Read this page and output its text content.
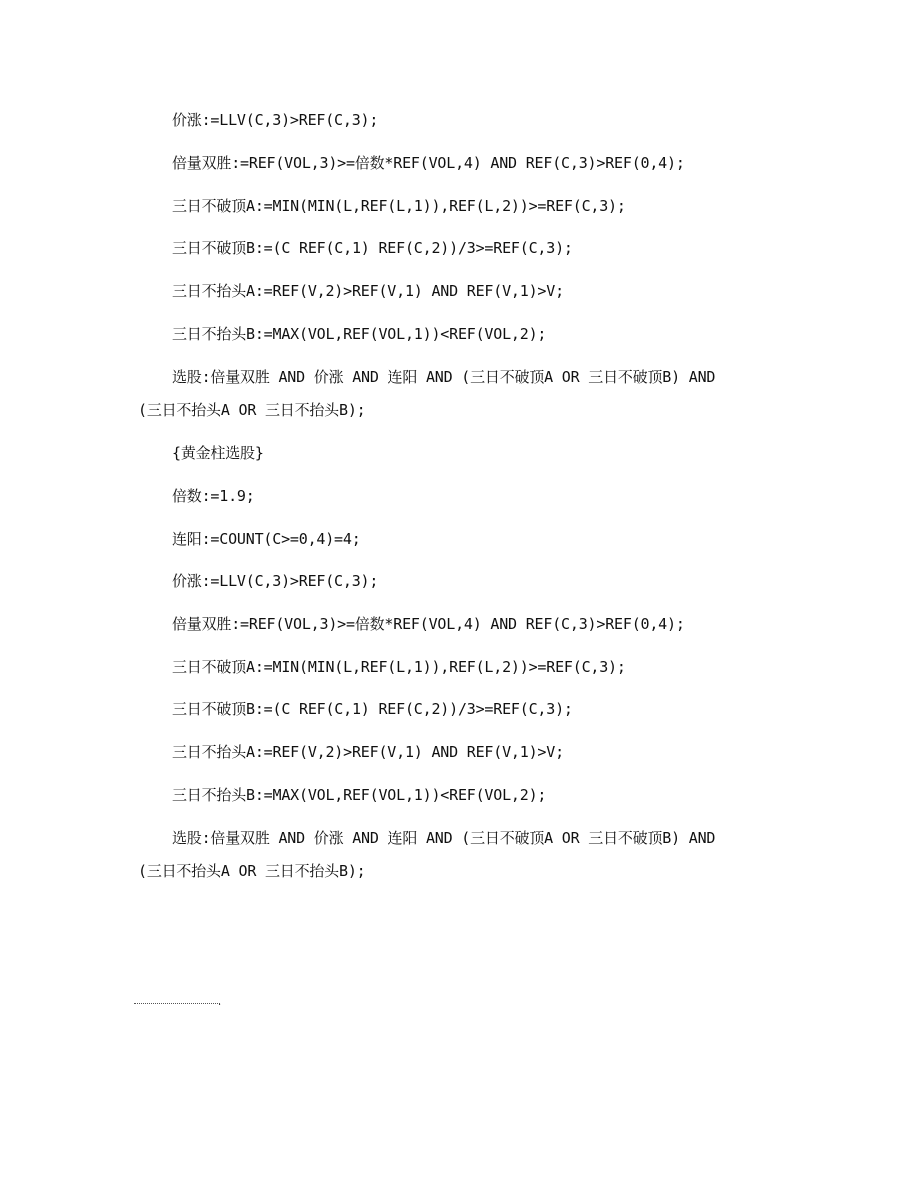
价涨:=LLV(C,3)>REF(C,3);
倍量双胜:=REF(VOL,3)>=倍数*REF(VOL,4) AND REF(C,3)>REF(0,4);
三日不破顶A:=MIN(MIN(L,REF(L,1)),REF(L,2))>=REF(C,3);
三日不破顶B:=(C REF(C,1) REF(C,2))/3>=REF(C,3);
三日不抬头A:=REF(V,2)>REF(V,1) AND REF(V,1)>V;
三日不抬头B:=MAX(VOL,REF(VOL,1))<REF(VOL,2);
选股:倍量双胜 AND 价涨 AND 连阳 AND (三日不破顶A OR 三日不破顶B) AND
(三日不抬头A OR 三日不抬头B);
{黄金柱选股}
倍数:=1.9;
连阳:=COUNT(C>=0,4)=4;
价涨:=LLV(C,3)>REF(C,3);
倍量双胜:=REF(VOL,3)>=倍数*REF(VOL,4) AND REF(C,3)>REF(0,4);
三日不破顶A:=MIN(MIN(L,REF(L,1)),REF(L,2))>=REF(C,3);
三日不破顶B:=(C REF(C,1) REF(C,2))/3>=REF(C,3);
三日不抬头A:=REF(V,2)>REF(V,1) AND REF(V,1)>V;
三日不抬头B:=MAX(VOL,REF(VOL,1))<REF(VOL,2);
选股:倍量双胜 AND 价涨 AND 连阳 AND (三日不破顶A OR 三日不破顶B) AND
(三日不抬头A OR 三日不抬头B);
.
